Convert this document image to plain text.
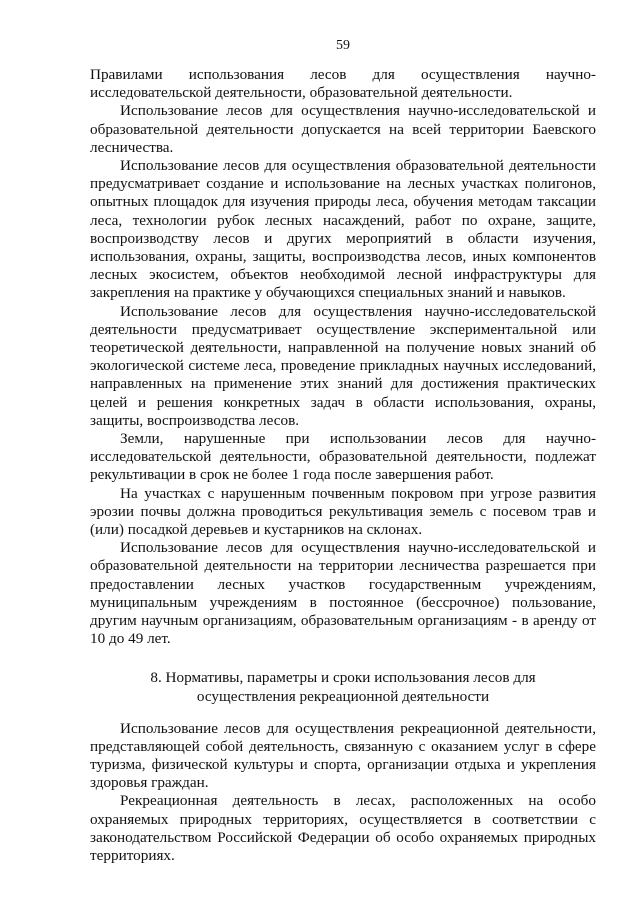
59

Правилами использования лесов для осуществления научно-исследовательской деятельности, образовательной деятельности.

Использование лесов для осуществления научно-исследовательской и образовательной деятельности допускается на всей территории Баевского лесничества.

Использование лесов для осуществления образовательной деятельности предусматривает создание и использование на лесных участках полигонов, опытных площадок для изучения природы леса, обучения методам таксации леса, технологии рубок лесных насаждений, работ по охране, защите, воспроизводству лесов и других мероприятий в области изучения, использования, охраны, защиты, воспроизводства лесов, иных компонентов лесных экосистем, объектов необходимой лесной инфраструктуры для закрепления на практике у обучающихся специальных знаний и навыков.

Использование лесов для осуществления научно-исследовательской деятельности предусматривает осуществление экспериментальной или теоретической деятельности, направленной на получение новых знаний об экологической системе леса, проведение прикладных научных исследований, направленных на применение этих знаний для достижения практических целей и решения конкретных задач в области использования, охраны, защиты, воспроизводства лесов.

Земли, нарушенные при использовании лесов для научно-исследовательской деятельности, образовательной деятельности, подлежат рекультивации в срок не более 1 года после завершения работ.

На участках с нарушенным почвенным покровом при угрозе развития эрозии почвы должна проводиться рекультивация земель с посевом трав и (или) посадкой деревьев и кустарников на склонах.

Использование лесов для осуществления научно-исследовательской и образовательной деятельности на территории лесничества разрешается при предоставлении лесных участков государственным учреждениям, муниципальным учреждениям в постоянное (бессрочное) пользование, другим научным организациям, образовательным организациям - в аренду от 10 до 49 лет.

8. Нормативы, параметры и сроки использования лесов для
осуществления рекреационной деятельности

Использование лесов для осуществления рекреационной деятельности, представляющей собой деятельность, связанную с оказанием услуг в сфере туризма, физической культуры и спорта, организации отдыха и укрепления здоровья граждан.

Рекреационная деятельность в лесах, расположенных на особо охраняемых природных территориях, осуществляется в соответствии с законодательством Российской Федерации об особо охраняемых природных территориях.
